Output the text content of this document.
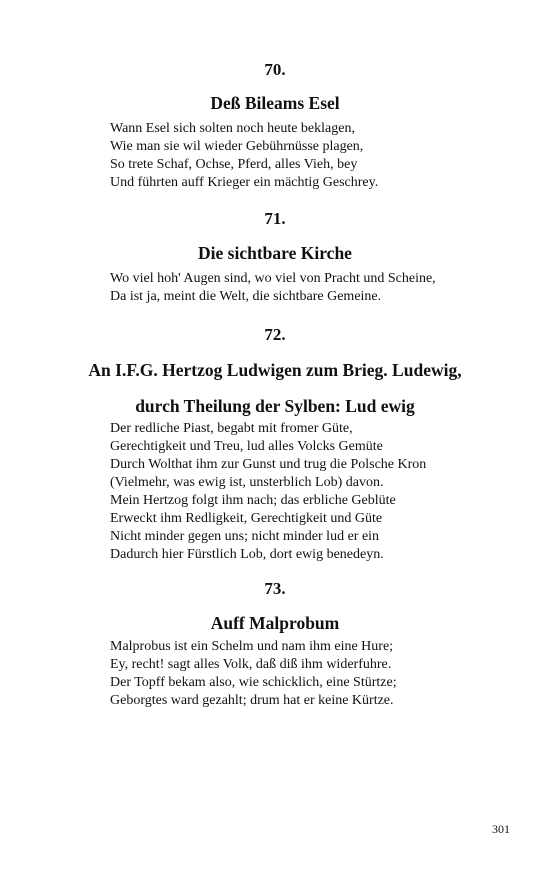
70.
Deß Bileams Esel
Wann Esel sich solten noch heute beklagen,
Wie man sie wil wieder Gebührnüsse plagen,
So trete Schaf, Ochse, Pferd, alles Vieh, bey
Und führten auff Krieger ein mächtig Geschrey.
71.
Die sichtbare Kirche
Wo viel hoh' Augen sind, wo viel von Pracht und Scheine,
Da ist ja, meint die Welt, die sichtbare Gemeine.
72.
An I.F.G. Hertzog Ludwigen zum Brieg. Ludewig,
durch Theilung der Sylben: Lud ewig
Der redliche Piast, begabt mit fromer Güte,
Gerechtigkeit und Treu, lud alles Volcks Gemüte
Durch Wolthat ihm zur Gunst und trug die Polsche Kron
(Vielmehr, was ewig ist, unsterblich Lob) davon.
Mein Hertzog folgt ihm nach; das erbliche Geblüte
Erweckt ihm Redligkeit, Gerechtigkeit und Güte
Nicht minder gegen uns; nicht minder lud er ein
Dadurch hier Fürstlich Lob, dort ewig benedeyn.
73.
Auff Malprobum
Malprobus ist ein Schelm und nam ihm eine Hure;
Ey, recht! sagt alles Volk, daß diß ihm widerfuhre.
Der Topff bekam also, wie schicklich, eine Stürtze;
Geborgtes ward gezahlt; drum hat er keine Kürtze.
301
